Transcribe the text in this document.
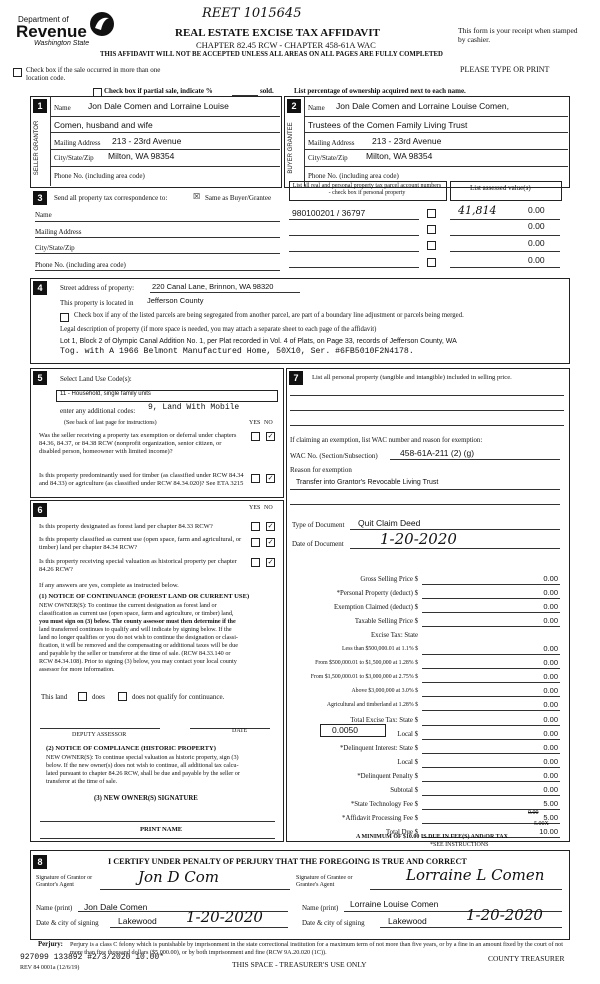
REET 1015645
Department of
Revenue
Washington State
REAL ESTATE EXCISE TAX AFFIDAVIT
CHAPTER 82.45 RCW - CHAPTER 458-61A WAC
THIS AFFIDAVIT WILL NOT BE ACCEPTED UNLESS ALL AREAS ON ALL PAGES ARE FULLY COMPLETED
This form is your receipt when stamped by cashier.
PLEASE TYPE OR PRINT
Check box if the sale occurred in more than one location code.
Check box if partial sale, indicate %	sold.	List percentage of ownership acquired next to each name.
1
SELLER GRANTOR
Name Jon Dale Comen and Lorraine Louise
Comen, husband and wife
Mailing Address 213 - 23rd Avenue
City/State/Zip Milton, WA 98354
Phone No. (including area code)
2
BUYER GRANTEE
Name Jon Dale Comen and Lorraine Louise Comen,
Trustees of the Comen Family Living Trust
Mailing Address 213 - 23rd Avenue
City/State/Zip Milton, WA 98354
Phone No. (including area code)
3	Send all property tax correspondence to:	☒ Same as Buyer/Grantee
Name
Mailing Address
City/State/Zip
Phone No. (including area code)
List all real and personal property tax parcel account numbers - check box if personal property
List assessed value(s)
980100201 / 36797	41,814	0.00
0.00
0.00
0.00
4	Street address of property: 220 Canal Lane, Brinnon, WA 98320
This property is located in Jefferson County
Check box if any of the listed parcels are being segregated from another parcel, are part of a boundary line adjustment or parcels being merged.
Legal description of property (if more space is needed, you may attach a separate sheet to each page of the affidavit)
Lot 1, Block 2 of Olympic Canal Addition No. 1, per Plat recorded in Vol. 4 of Plats, on Page 33, records of Jefferson County, WA
Tog. with A 1966 Belmont Manufactured Home, 50X10, Ser. #6FB5010F2N4178.
5	Select Land Use Code(s):
11 - Household, single family units
enter any additional codes: 9, Land With Mobile
(See back of last page for instructions)	YES NO
Was the seller receiving a property tax exemption or deferral under chapters 84.36, 84.37, or 84.38 RCW (nonprofit organization, senior citizen, or disabled person, homeowner with limited income)?
✓
Is this property predominantly used for timber (as classified under RCW 84.34 and 84.33) or agriculture (as classified under RCW 84.34.020)? See ETA 3215
✓
6	YES NO
Is this property designated as forest land per chapter 84.33 RCW?	✓
Is this property classified as current use (open space, farm and agricultural, or timber) land per chapter 84.34 RCW?
✓
Is this property receiving special valuation as historical property per chapter 84.26 RCW?
✓
If any answers are yes, complete as instructed below.
(1) NOTICE OF CONTINUANCE (FOREST LAND OR CURRENT USE)
NEW OWNER(S): To continue the current designation as forest land or
classification as current use (open space, farm and agriculture, or timber) land,
you must sign on (3) below. The county assessor must then determine if the
land transferred continues to qualify and will indicate by signing below. If the
land no longer qualifies or you do not wish to continue the designation or classi-
fication, it will be removed and the compensating or additional taxes will be due
and payable by the seller or transferor at the time of sale. (RCW 84.33.140 or
RCW 84.34.108). Prior to signing (3) below, you may contact your local county
assessor for more information.
This land	does	does not qualify for continuance.
DEPUTY ASSESSOR
DATE
(2) NOTICE OF COMPLIANCE (HISTORIC PROPERTY)
NEW OWNER(S): To continue special valuation as historic property, sign (3)
below. If the new owner(s) does not wish to continue, all additional tax calcu-
lated pursuant to chapter 84.26 RCW, shall be due and payable by the seller or
transferor at the time of sale.
(3) NEW OWNER(S) SIGNATURE
PRINT NAME
7	List all personal property (tangible and intangible) included in selling price.
If claiming an exemption, list WAC number and reason for exemption:
WAC No. (Section/Subsection)	458-61A-211 (2) (g)
Reason for exemption
Transfer into Grantor's Revocable Living Trust
Type of Document Quit Claim Deed
Date of Document 1-20-2020
Gross Selling Price $	0.00
*Personal Property (deduct) $	0.00
Exemption Claimed (deduct) $	0.00
Taxable Selling Price $	0.00
Excise Tax: State
Less than $500,000.01 at 1.1% $	0.00
From $500,000.01 to $1,500,000 at 1.28% $	0.00
From $1,500,000.01 to $3,000,000 at 2.75% $	0.00
Above $3,000,000 at 3.0% $	0.00
Agricultural and timberland at 1.28% $	0.00
Total Excise Tax: State $	0.00
Local $	0.00
*Delinquent Interest: State $	0.00
Local $	0.00
*Delinquent Penalty $	0.00
Subtotal $	0.00
*State Technology Fee $	5.00
*Affidavit Processing Fee $	5.00
Total Due $	10.00
0.0050
0.00
5.00X
A MINIMUM OF $10.00 IS DUE IN FEE(S) AND/OR TAX
*SEE INSTRUCTIONS
8	I CERTIFY UNDER PENALTY OF PERJURY THAT THE FOREGOING IS TRUE AND CORRECT
Signature of Grantor or Grantor's Agent	Jon D Com	Signature of Grantee or Grantee's Agent
Lorraine L Comen
Name (print) Jon Dale Comen	Name (print) Lorraine Louise Comen
Date & city of signing Lakewood 1-20-2020	Date & city of signing	Lakewood	1-20-2020
Perjury: Perjury is a class C felony which is punishable by imprisonment in the state correctional institution for a maximum term of not more than five years, or by a fine in an amount fixed by the court of not more than five thousand dollars ($5,000.00), or by both imprisonment and fine (RCW 9A.20.020 (1C)).
927099 133892 #2/3/2020 10.00*
REV 84 0001a (12/6/19)	THIS SPACE - TREASURER'S USE ONLY
COUNTY TREASURER
